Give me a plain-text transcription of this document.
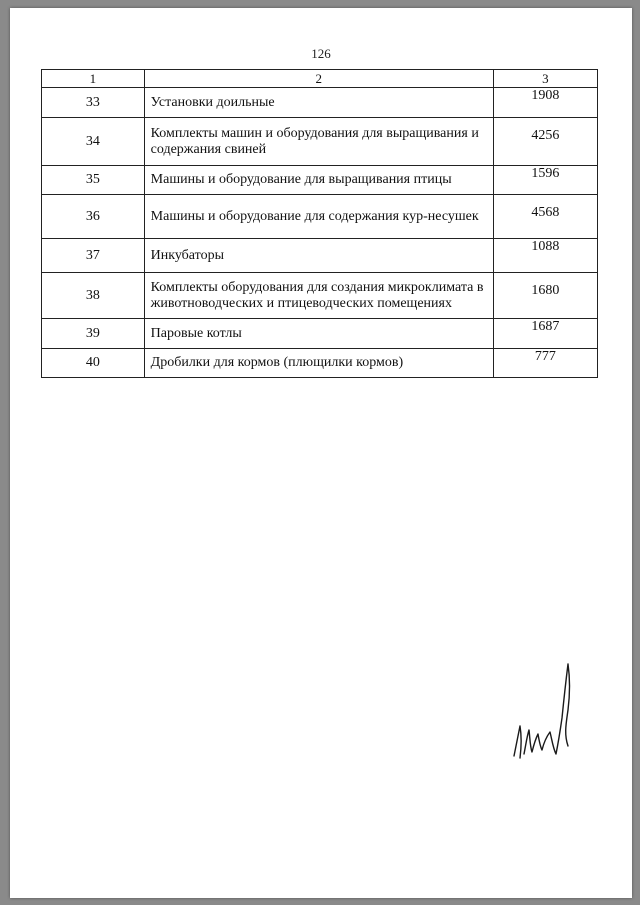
126
1	2	3
33	Установки доильные	1908
34	Комплекты машин и оборудования для выращивания и содержания свиней	4256
35	Машины и оборудование для выращивания птицы	1596
36	Машины и оборудование для содержания кур-несушек	4568
37	Инкубаторы	1088
38	Комплекты оборудования для создания микроклимата в животноводческих и птицеводческих помещениях	1680
39	Паровые котлы	1687
40	Дробилки для кормов (плющилки кормов)	777
